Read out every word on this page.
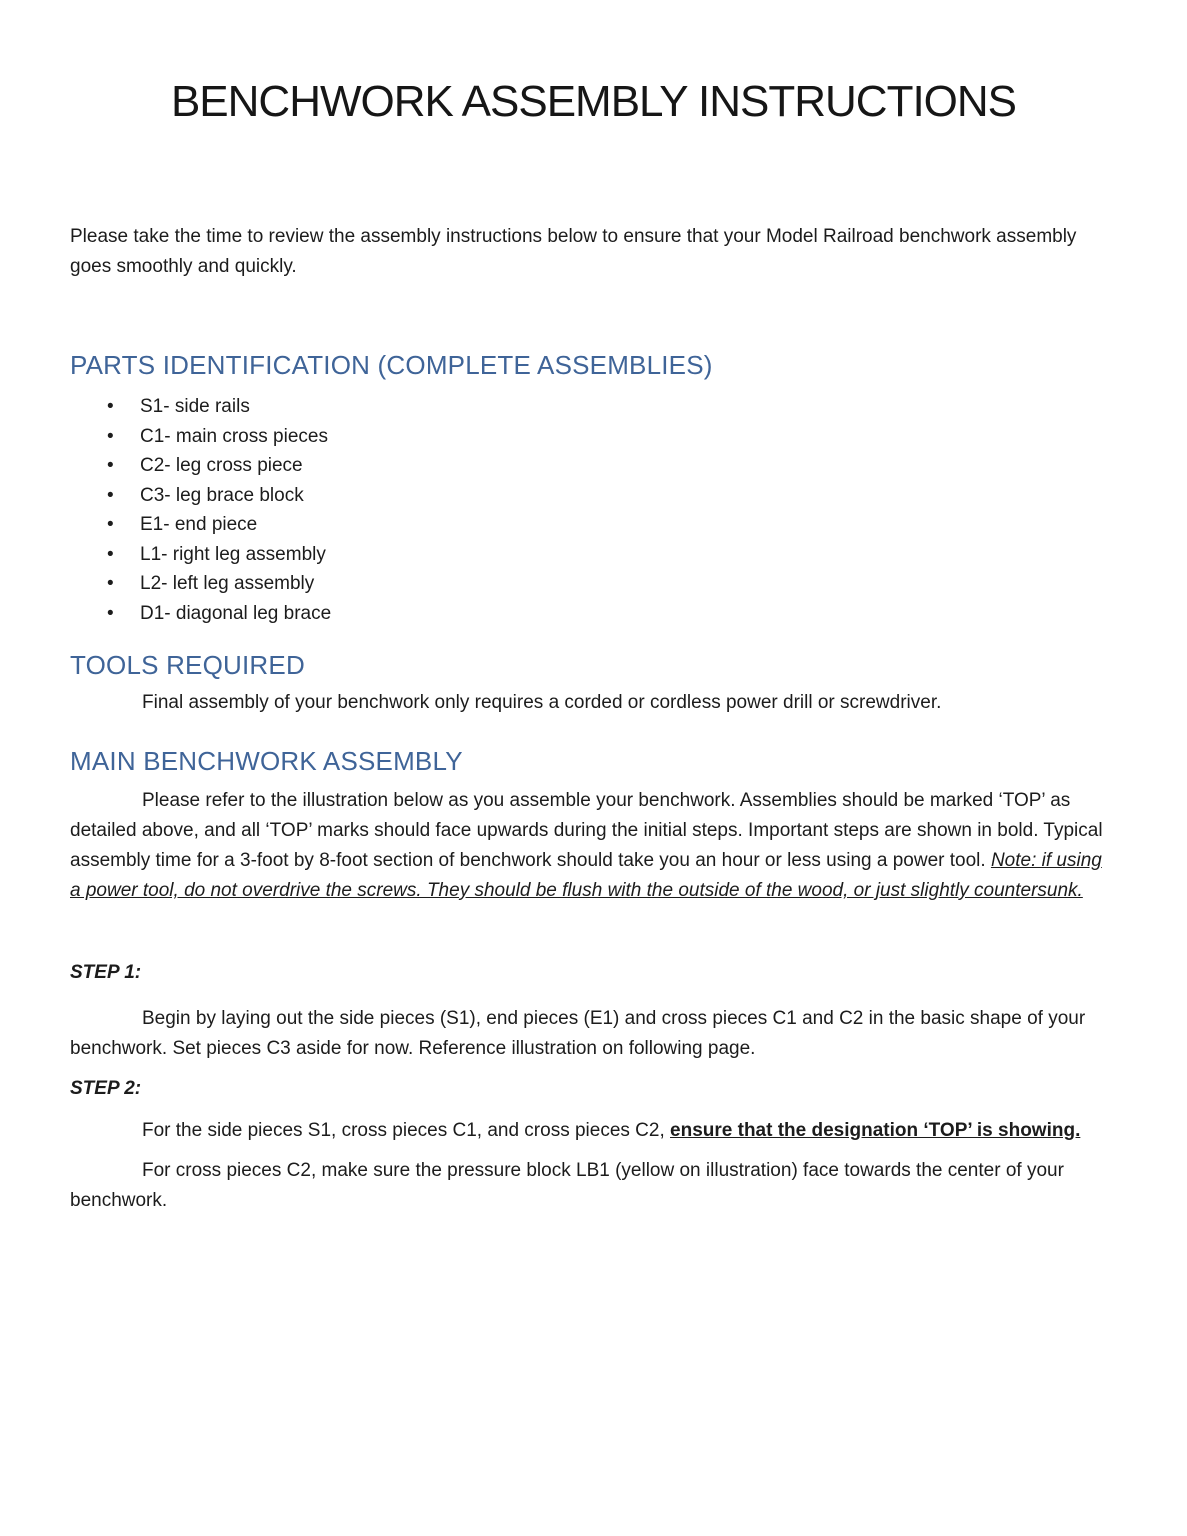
BENCHWORK ASSEMBLY INSTRUCTIONS

Please take the time to review the assembly instructions below to ensure that your Model Railroad benchwork assembly goes smoothly and quickly.

PARTS IDENTIFICATION (COMPLETE ASSEMBLIES)
• S1- side rails
• C1- main cross pieces
• C2- leg cross piece
• C3- leg brace block
• E1- end piece
• L1- right leg assembly
• L2- left leg assembly
• D1- diagonal leg brace
TOOLS REQUIRED

Final assembly of your benchwork only requires a corded or cordless power drill or screwdriver.

MAIN BENCHWORK ASSEMBLY

Please refer to the illustration below as you assemble your benchwork. Assemblies should be marked ‘TOP’ as detailed above, and all ‘TOP’ marks should face upwards during the initial steps. Important steps are shown in bold. Typical assembly time for a 3-foot by 8-foot section of benchwork should take you an hour or less using a power tool. Note: if using a power tool, do not overdrive the screws. They should be flush with the outside of the wood, or just slightly countersunk.

STEP 1:

Begin by laying out the side pieces (S1), end pieces (E1) and cross pieces C1 and C2 in the basic shape of your benchwork. Set pieces C3 aside for now. Reference illustration on following page.

STEP 2:

For the side pieces S1, cross pieces C1, and cross pieces C2, ensure that the designation ‘TOP’ is showing.

For cross pieces C2, make sure the pressure block LB1 (yellow on illustration) face towards the center of your benchwork.
